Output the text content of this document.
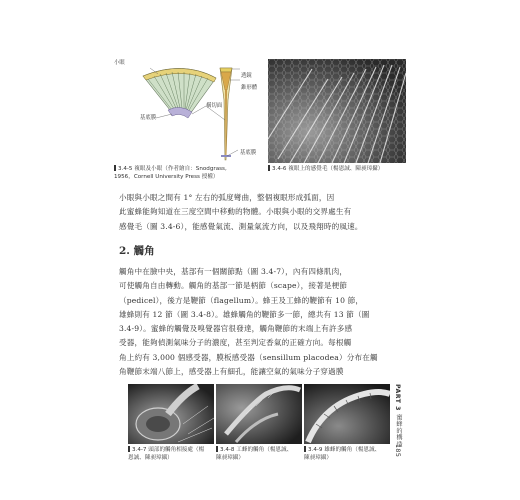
小眼
透鏡
錐形體
基底膜
橫切面
基底膜
3.4-5 複眼及小眼（作者繪自：Snodgrass,
1956，Cornell University Press 授權）
3.4-6 複眼上的感覺毛（楊恩誠、陳昶璋攝）
小眼與小眼之間有 1° 左右的弧度彎曲，整個複眼形成弧面，因
此蜜蜂能夠知道在三度空間中移動的物體。小眼與小眼的交界處生有
感覺毛（圖 3.4-6），能感覺氣流、測量氣流方向，以及飛翔時的風速。
2. 觸角
觸角中在臉中央，基部有一個關節點（圖 3.4-7），內有四條肌肉，
可使觸角自由轉動。觸角的基部一節是柄節（scape），接著是梗節
（pedicel），後方是鞭節（flagellum）。蜂王及工蜂的鞭節有 10 節，
雄蜂則有 12 節（圖 3.4-8）。雄蜂觸角的鞭節多一節，總共有 13 節（圖
3.4-9）。蜜蜂的觸覺及嗅覺器官很發達，觸角鞭節的末端上有許多感
受器，能夠偵測氣味分子的濃度，甚至判定香氣的正確方向。每根觸
角上約有 3,000 個感受器，膜板感受器（sensillum placodea）分布在觸
角鞭節末端八節上，感受器上有細孔，能讓空氣的氣味分子穿過膜
3.4-7 頭部的觸角相接處（楊
恩誠、陳昶璋攝）
3.4-8 工蜂的觸角（楊恩誠、
陳昶璋攝）
3.4-9 雄蜂的觸角（楊恩誠、
陳昶璋攝）
PART 3
蜜蜂的構造
185
